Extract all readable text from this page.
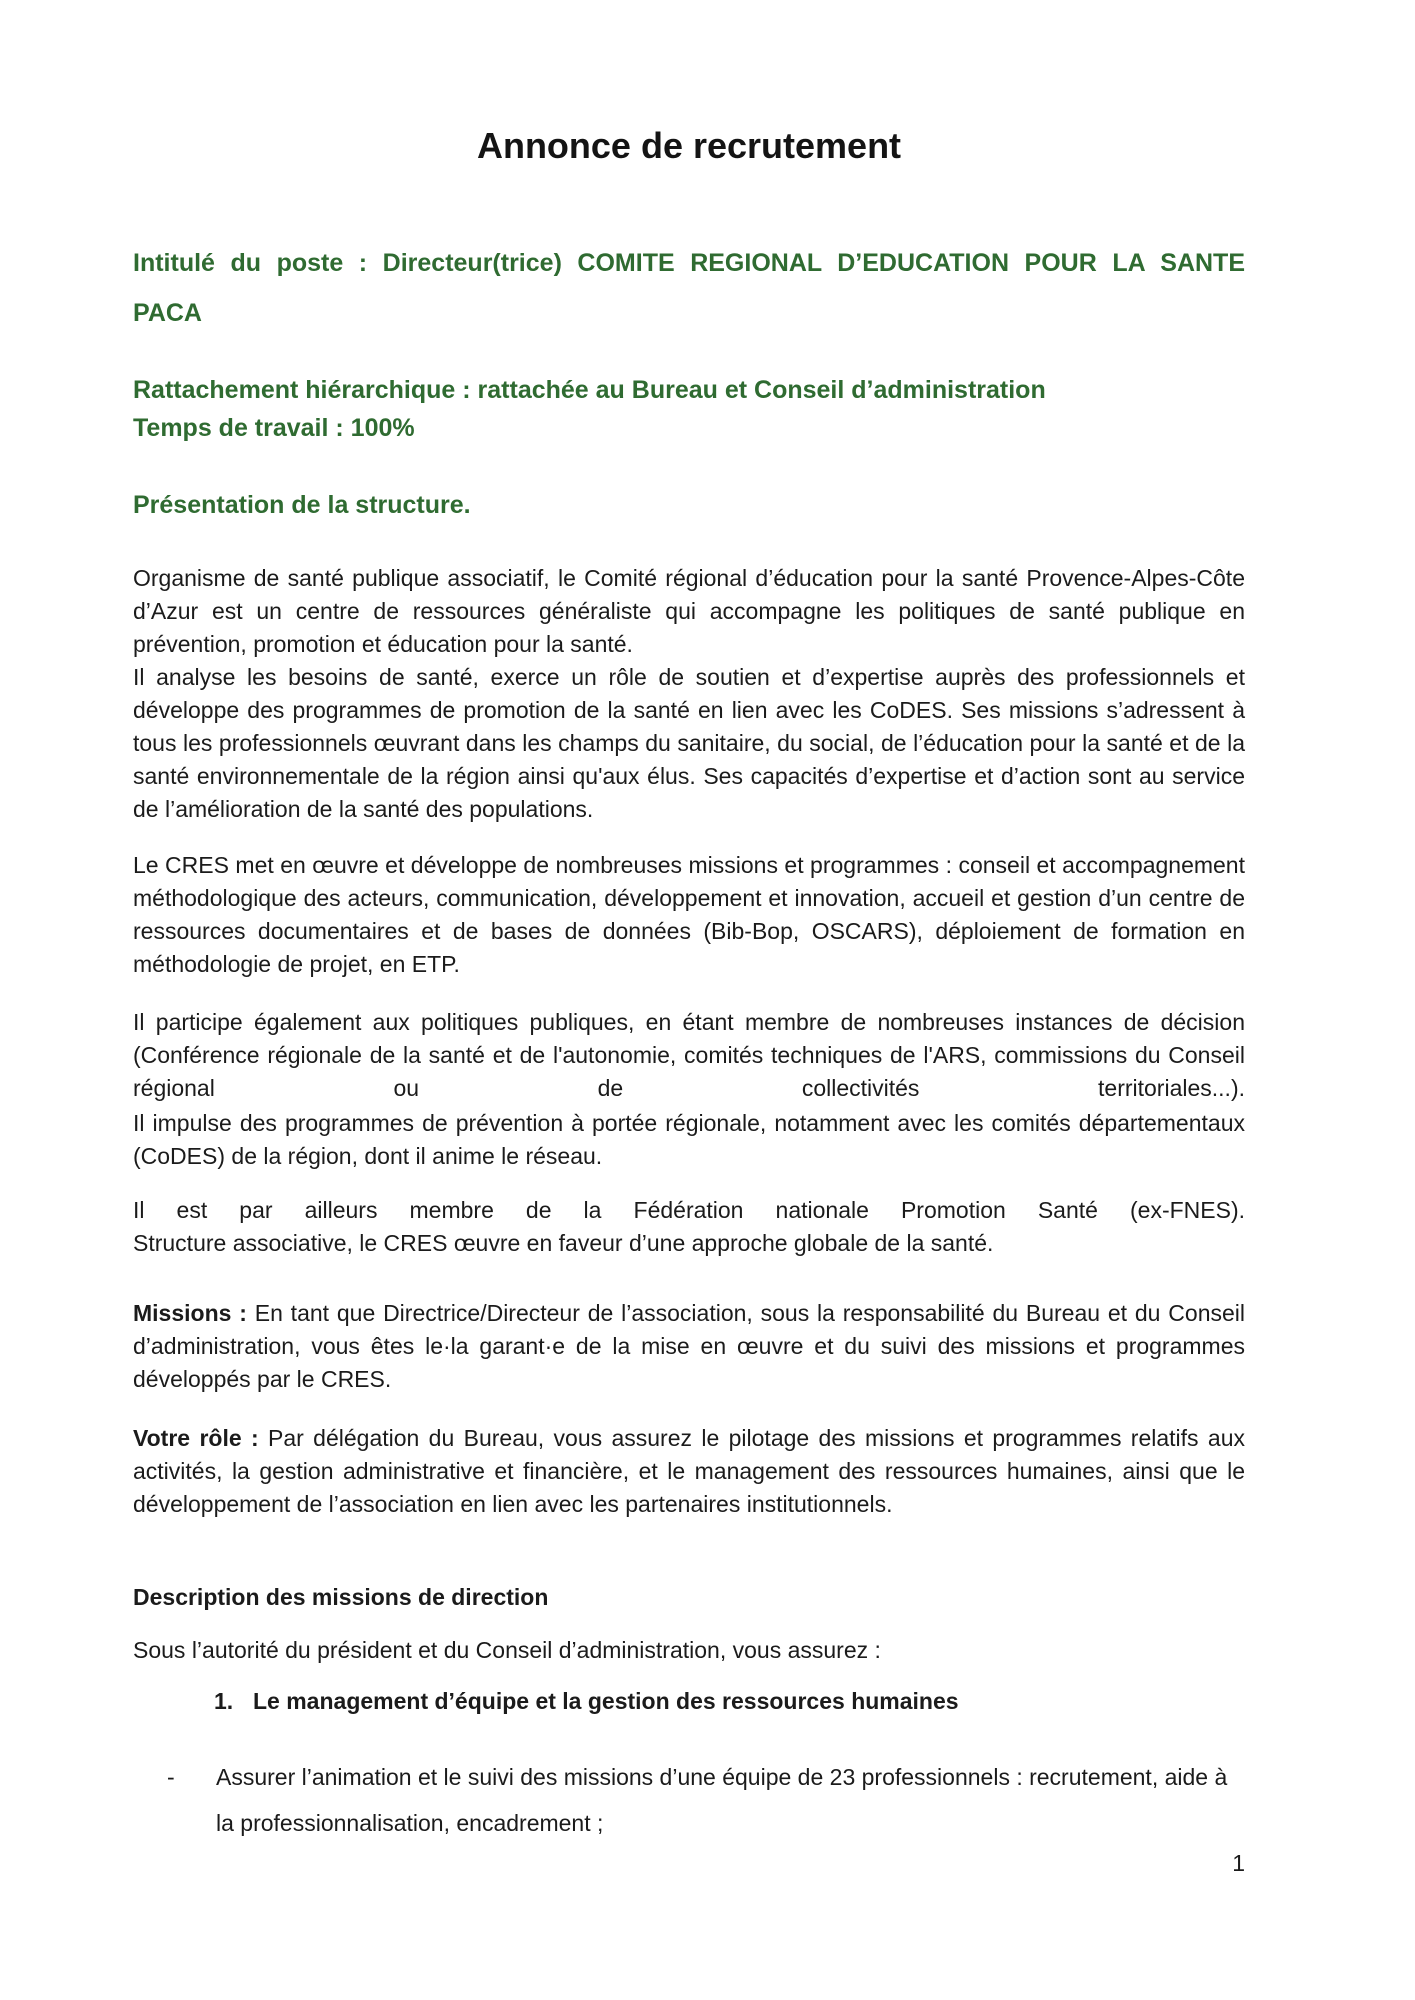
Annonce de recrutement
Intitulé du poste : Directeur(trice) COMITE REGIONAL D’EDUCATION POUR LA SANTE
PACA
Rattachement hiérarchique : rattachée au Bureau et Conseil d’administration
Temps de travail : 100%
Présentation de la structure.
Organisme de santé publique associatif, le Comité régional d’éducation pour la santé Provence-Alpes-Côte d’Azur est un centre de ressources généraliste qui accompagne les politiques de santé publique en prévention, promotion et éducation pour la santé.
Il analyse les besoins de santé, exerce un rôle de soutien et d’expertise auprès des professionnels et développe des programmes de promotion de la santé en lien avec les CoDES. Ses missions s’adressent à tous les professionnels œuvrant dans les champs du sanitaire, du social, de l’éducation pour la santé et de la santé environnementale de la région ainsi qu'aux élus. Ses capacités d’expertise et d’action sont au service de l’amélioration de la santé des populations.
Le CRES met en œuvre et développe de nombreuses missions et programmes : conseil et accompagnement méthodologique des acteurs, communication, développement et innovation, accueil et gestion d’un centre de ressources documentaires et de bases de données (Bib-Bop, OSCARS), déploiement de formation en méthodologie de projet, en ETP.
Il participe également aux politiques publiques, en étant membre de nombreuses instances de décision (Conférence régionale de la santé et de l'autonomie, comités techniques de l'ARS, commissions du Conseil régional ou de collectivités territoriales...).
Il impulse des programmes de prévention à portée régionale, notamment avec les comités départementaux (CoDES) de la région, dont il anime le réseau.
Il est par ailleurs membre de la Fédération nationale Promotion Santé (ex-FNES).
Structure associative, le CRES œuvre en faveur d’une approche globale de la santé.
Missions : En tant que Directrice/Directeur de l’association, sous la responsabilité du Bureau et du Conseil d’administration, vous êtes le·la garant·e de la mise en œuvre et du suivi des missions et programmes développés par le CRES.
Votre rôle : Par délégation du Bureau, vous assurez le pilotage des missions et programmes relatifs aux activités, la gestion administrative et financière, et le management des ressources humaines, ainsi que le développement de l’association en lien avec les partenaires institutionnels.
Description des missions de direction
Sous l’autorité du président et du Conseil d’administration, vous assurez :
1. Le management d’équipe et la gestion des ressources humaines
- Assurer l’animation et le suivi des missions d’une équipe de 23 professionnels : recrutement, aide à la professionnalisation, encadrement ;
1
